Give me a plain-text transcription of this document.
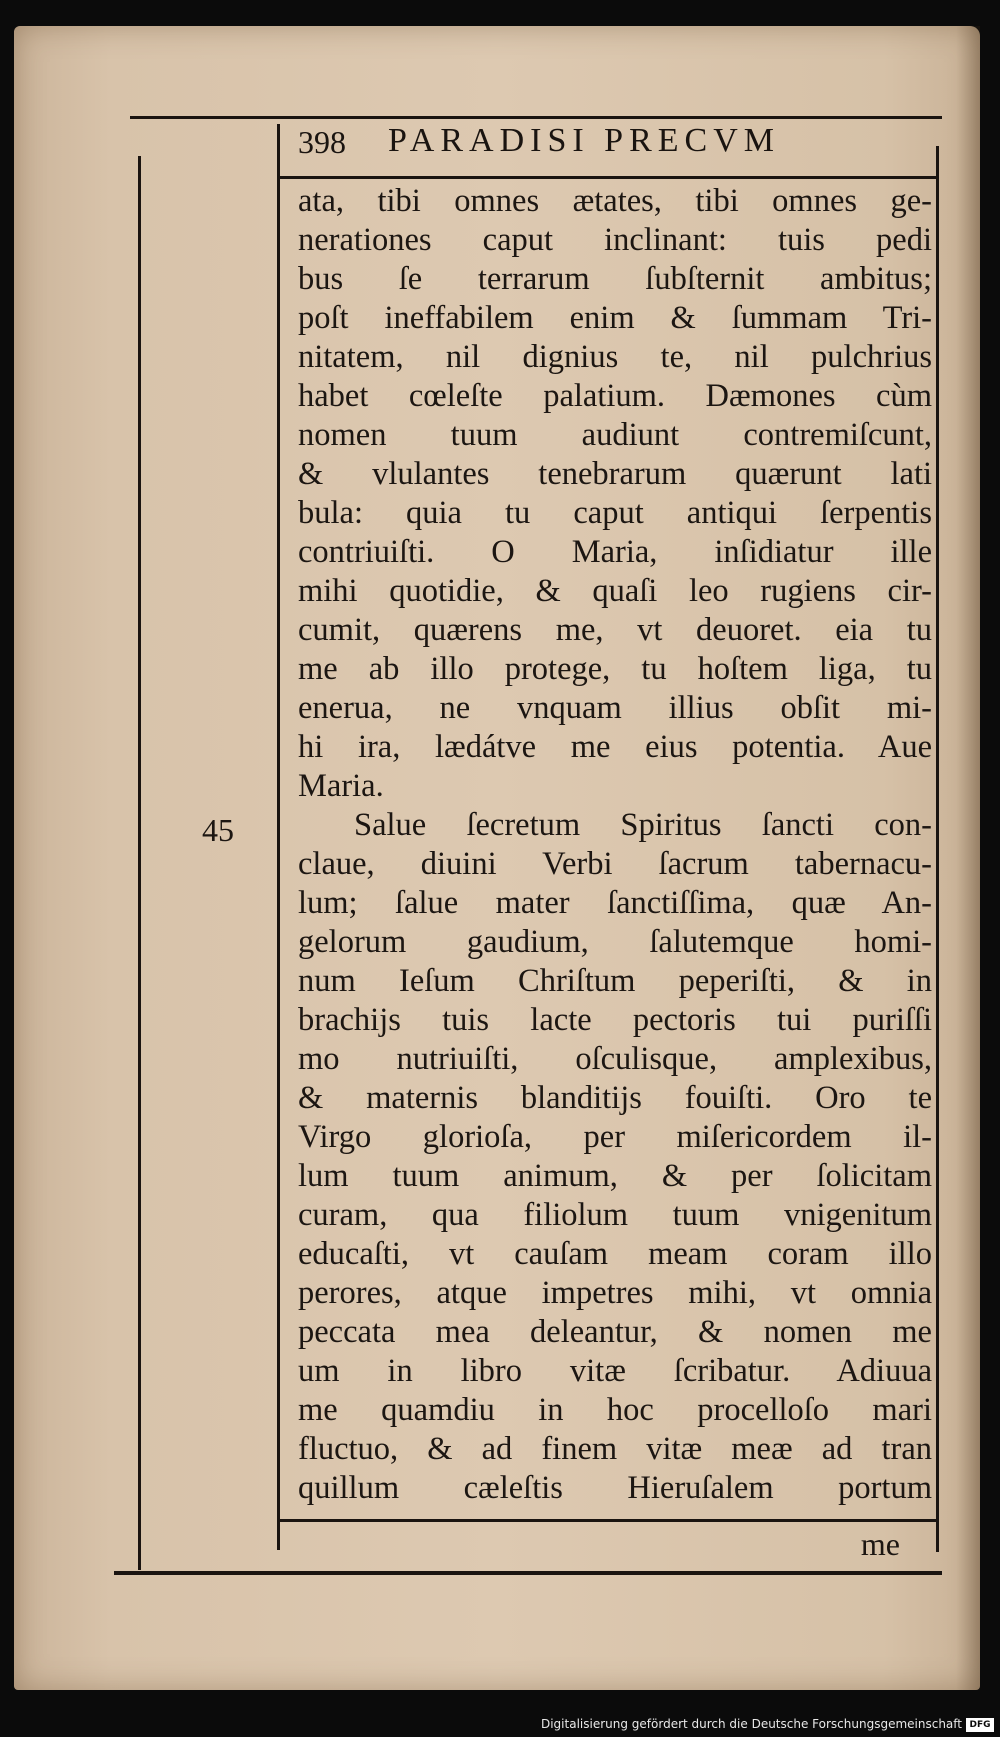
398 PARADISI PRECVM
45
ata, tibi omnes ætates, tibi omnes ge-
nerationes caput inclinant: tuis pedi
bus ſe terrarum ſubſternit ambitus;
poſt ineffabilem enim & ſummam Tri-
nitatem, nil dignius te, nil pulchrius
habet cœleſte palatium. Dæmones cùm
nomen tuum audiunt contremiſcunt,
& vlulantes tenebrarum quærunt lati
bula: quia tu caput antiqui ſerpentis
contriuiſti. O Maria, inſidiatur ille
mihi quotidie, & quaſi leo rugiens cir-
cumit, quærens me, vt deuoret. eia tu
me ab illo protege, tu hoſtem liga, tu
eneruа, ne vnquam illius obſit mi-
hi ira, lædátve me eius potentia. Aue
Maria.
Salue ſecretum Spiritus ſancti con-
claue, diuini Verbi ſacrum tabernacu-
lum; ſalue mater ſanctiſſima, quæ An-
gelorum gaudium, ſalutemque homi-
num Ieſum Chriſtum peperiſti, & in
brachijs tuis lacte pectoris tui puriſſi
mo nutriuiſti, oſculisque, amplexibus,
& maternis blanditijs fouiſti. Oro te
Virgo glorioſa, per miſericordem il-
lum tuum animum, & per ſolicitam
curam, qua filiolum tuum vnigenitum
educaſti, vt cauſam meam coram illo
perores, atque impetres mihi, vt omnia
peccata mea deleantur, & nomen me
um in libro vitæ ſcribatur. Adiuua
me quamdiu in hoc procelloſo mari
fluctuo, & ad finem vitæ meæ ad tran
quillum cæleſtis Hieruſalem portum
me
Digitalisierung gefördert durch die Deutsche Forschungsgemeinschaft DFG
